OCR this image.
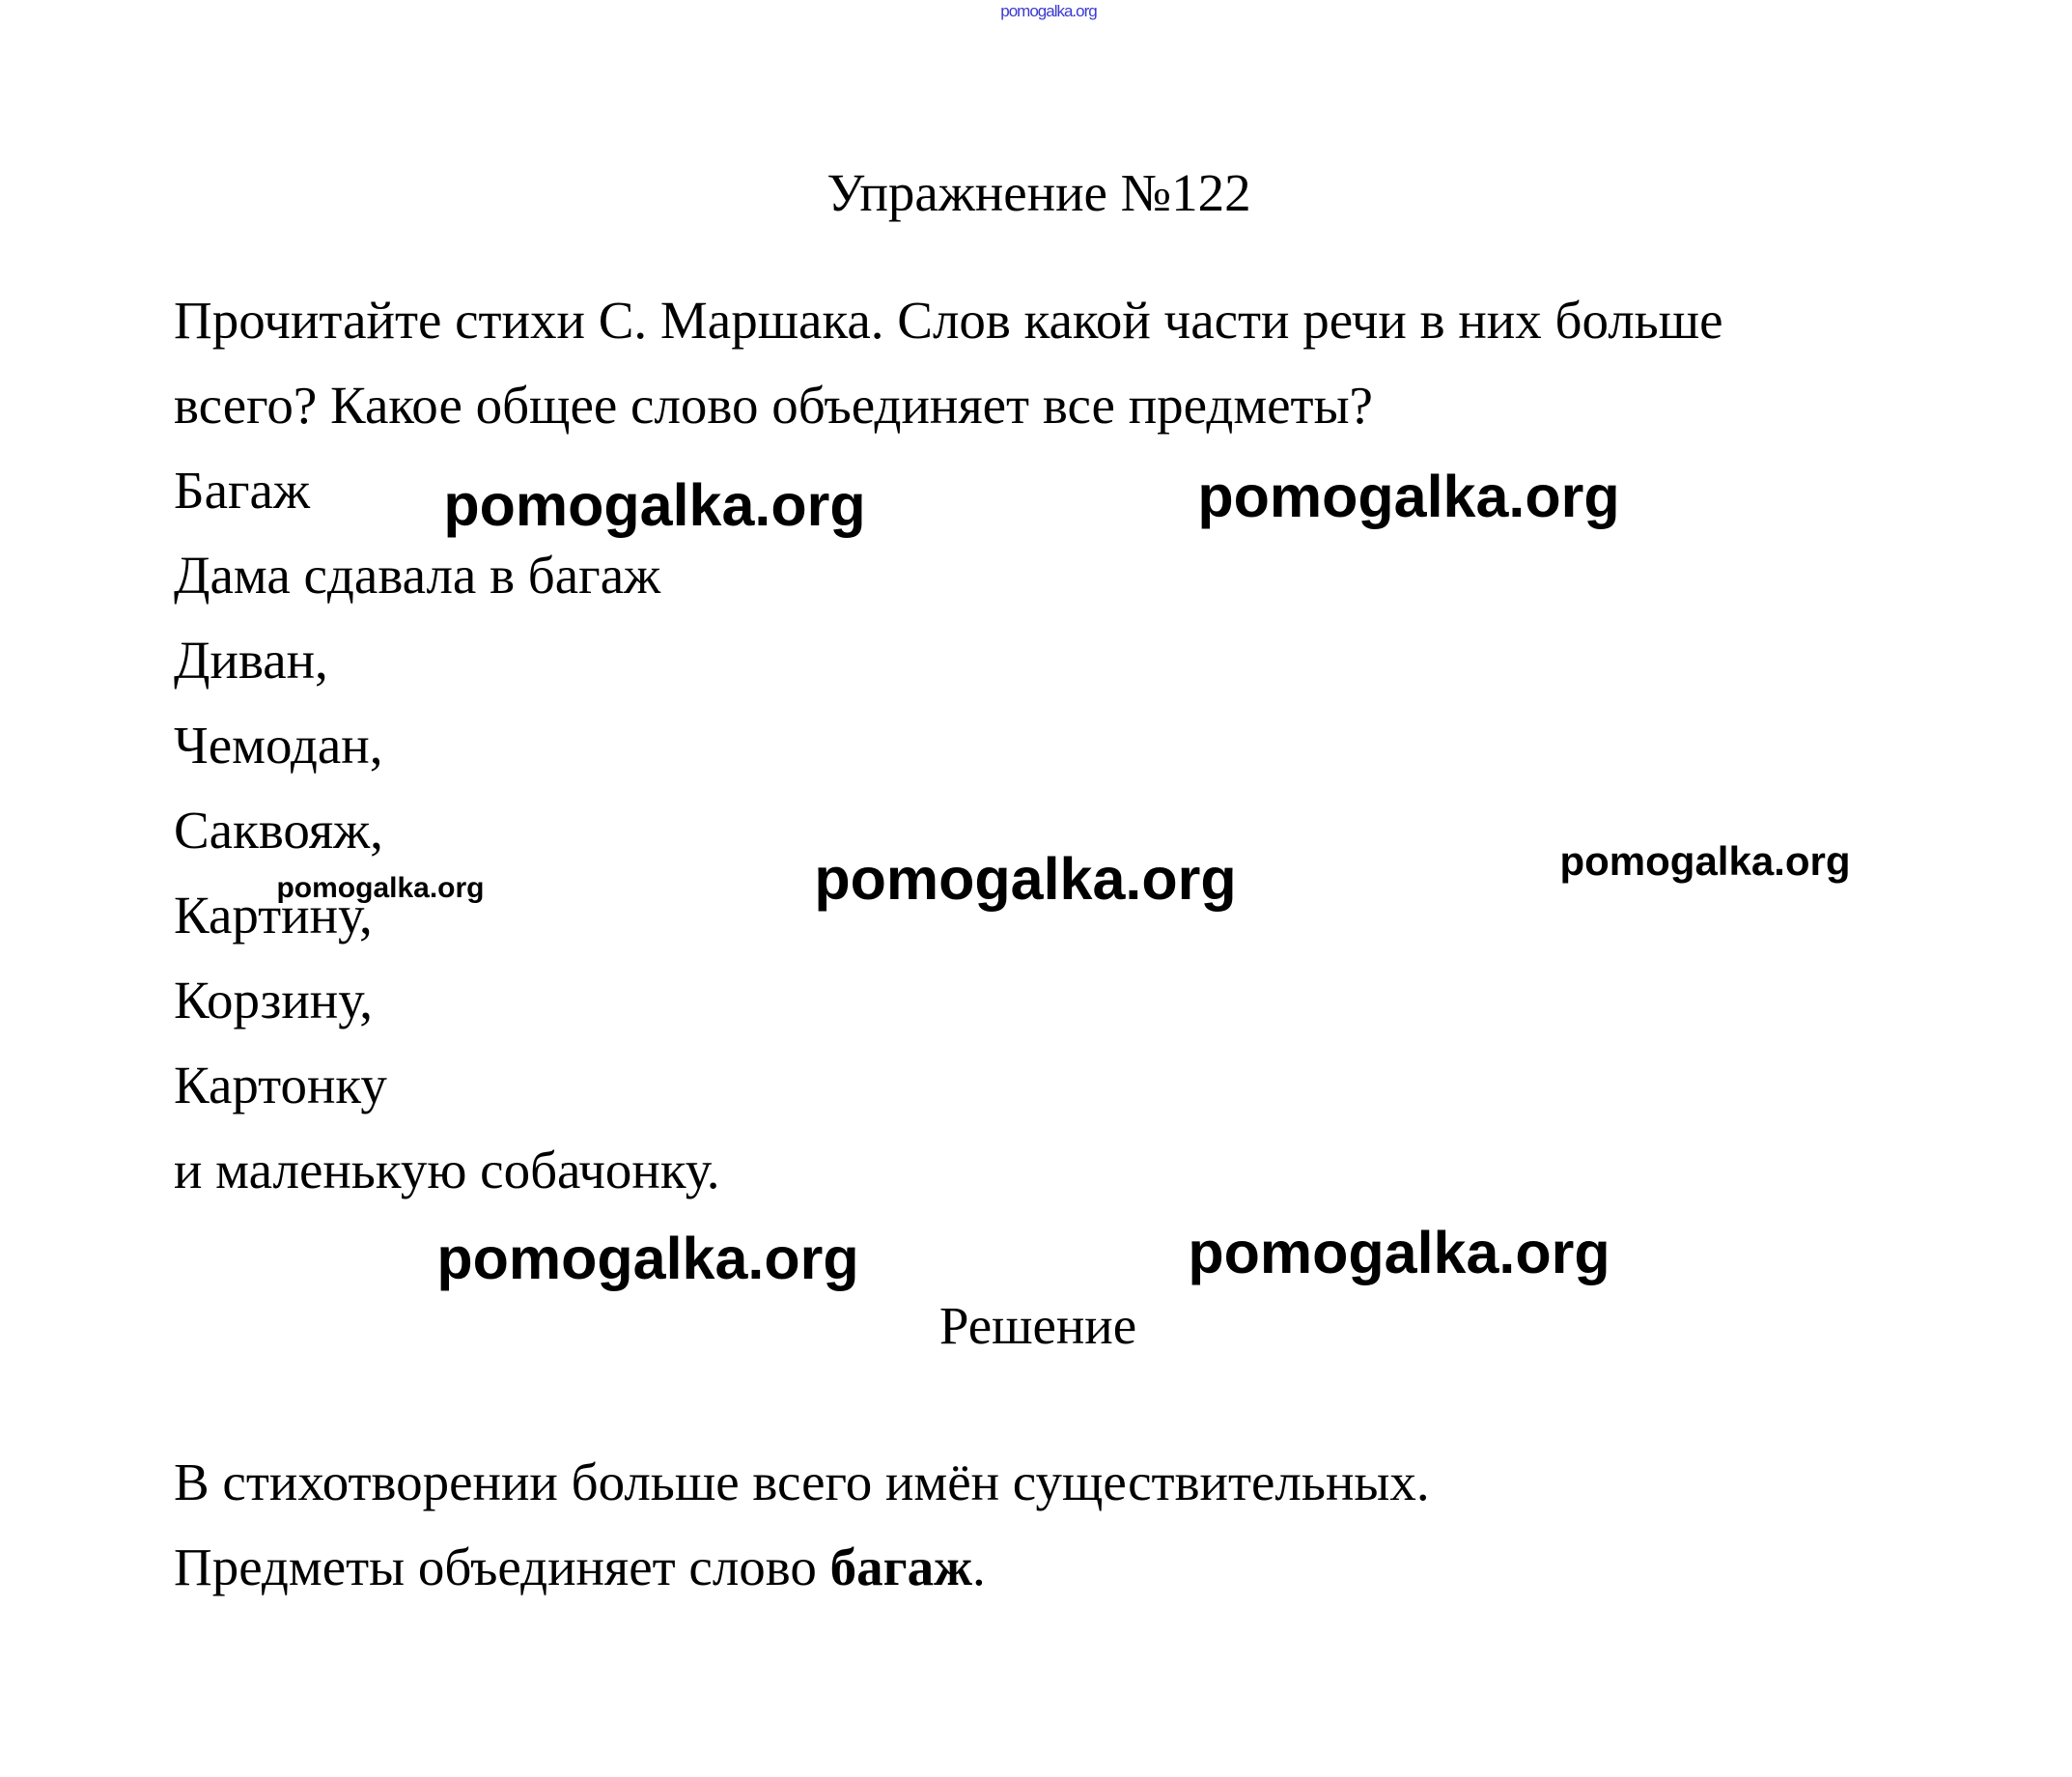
pomogalka.org
Упражнение №122
Прочитайте стихи С. Маршака. Слов какой части речи в них больше
всего? Какое общее слово объединяет все предметы?
Багаж
Дама сдавала в багаж
Диван,
Чемодан,
Саквояж,
Картину,
Корзину,
Картонку
и маленькую собачонку.
Решение
В стихотворении больше всего имён существительных.
Предметы объединяет слово багаж.
pomogalka.org	pomogalka.org
pomogalka.org	pomogalka.org
pomogalka.org
pomogalka.org	pomogalka.org
